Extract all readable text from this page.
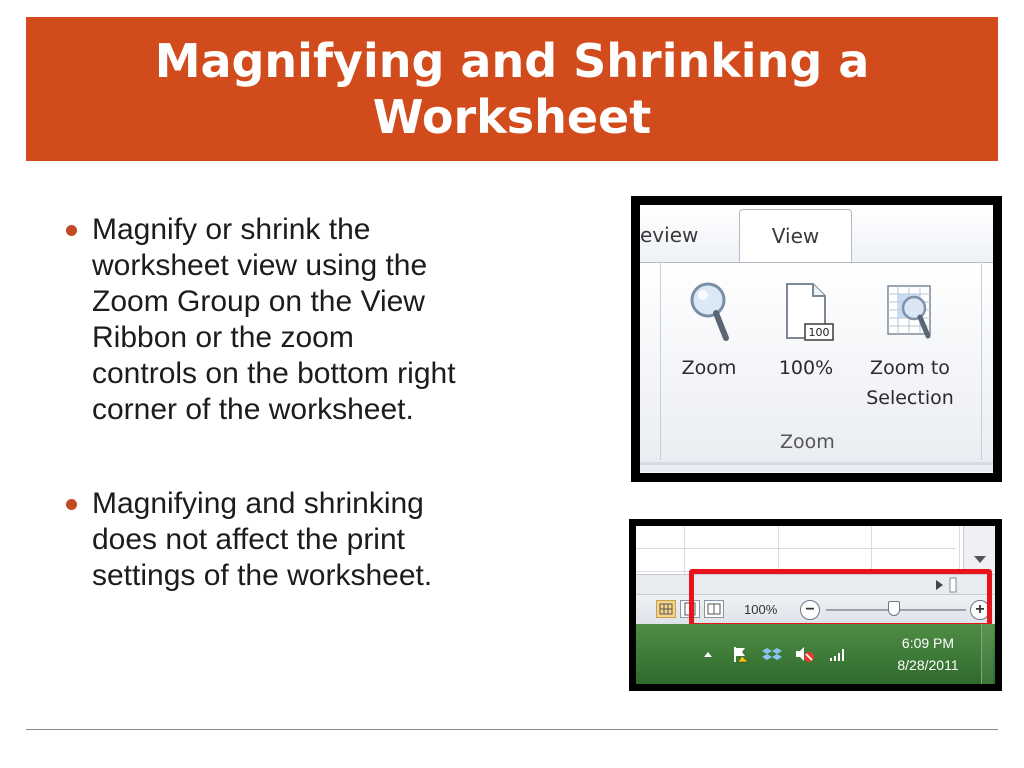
Magnifying and Shrinking a
Worksheet
Magnify or shrink the
worksheet view using the
Zoom Group on the View
Ribbon or the zoom
controls on the bottom right
corner of the worksheet.
Magnifying and shrinking
does not affect the print
settings of the worksheet.
eview	View
Zoom
100
100%	Zoom to
Selection
Zoom
100%	−	+
6:09 PM
8/28/2011
